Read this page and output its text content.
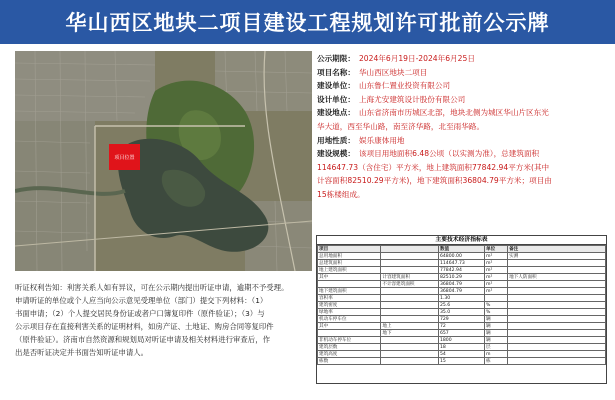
华山西区地块二项目建设工程规划许可批前公示牌
项目位置
公示期限： 2024年6月19日-2024年6月25日
项目名称： 华山西区地块二项目
建设单位： 山东鲁仁置业投资有限公司
设计单位： 上海尤安建筑设计股份有限公司
建设地点： 山东省济南市历城区北部，地块北侧为城区华山片区东光
华大道，西至华山路，南至济华路，北至雨华路。
用地性质： 娱乐康体用地
建设规模： 该项目用地面积6.48公顷（以实测为准），总建筑面积
114647.73（含住宅）平方米，地上建筑面积77842.94平方米(其中
计容面积82510.29平方米)，地下建筑面积36804.79平方米；项目由
15栋楼组成。

听证权利告知：利害关系人如有异议，可在公示期内提出听证申请，逾期不予受理。

申请听证的单位或个人应当向公示意见受理单位（部门）提交下列材料：（1）

书面申请；（2）个人提交居民身份证或者户口簿复印件（原件验证）；（3）与

公示项目存在直接利害关系的证明材料，如房产证、土地证、购房合同等复印件

（原件验证）。济南市自然资源和规划局对听证申请及相关材料进行审查后，作

出是否听证决定并书面告知听证申请人。

主要技术经济指标表
项目		数值	单位	备注
总用地面积		64800.00	m²	实测
总建筑面积		114647.73	m²	
地上建筑面积		77842.94	m²	
其中	计容建筑面积	82510.29	m²	地下人防面积
	不计容建筑面积	36804.79	m²	
地下建筑面积		36804.79	m²	
容积率		1.30		
建筑密度		25.6	%	
绿地率		35.0	%	
机动车停车位		729	辆	
其中	地上	72	辆	
	地下	657	辆	
非机动车停车位		1800	辆	
建筑层数		18	层	
建筑高度		54	m	
栋数		15	栋	
